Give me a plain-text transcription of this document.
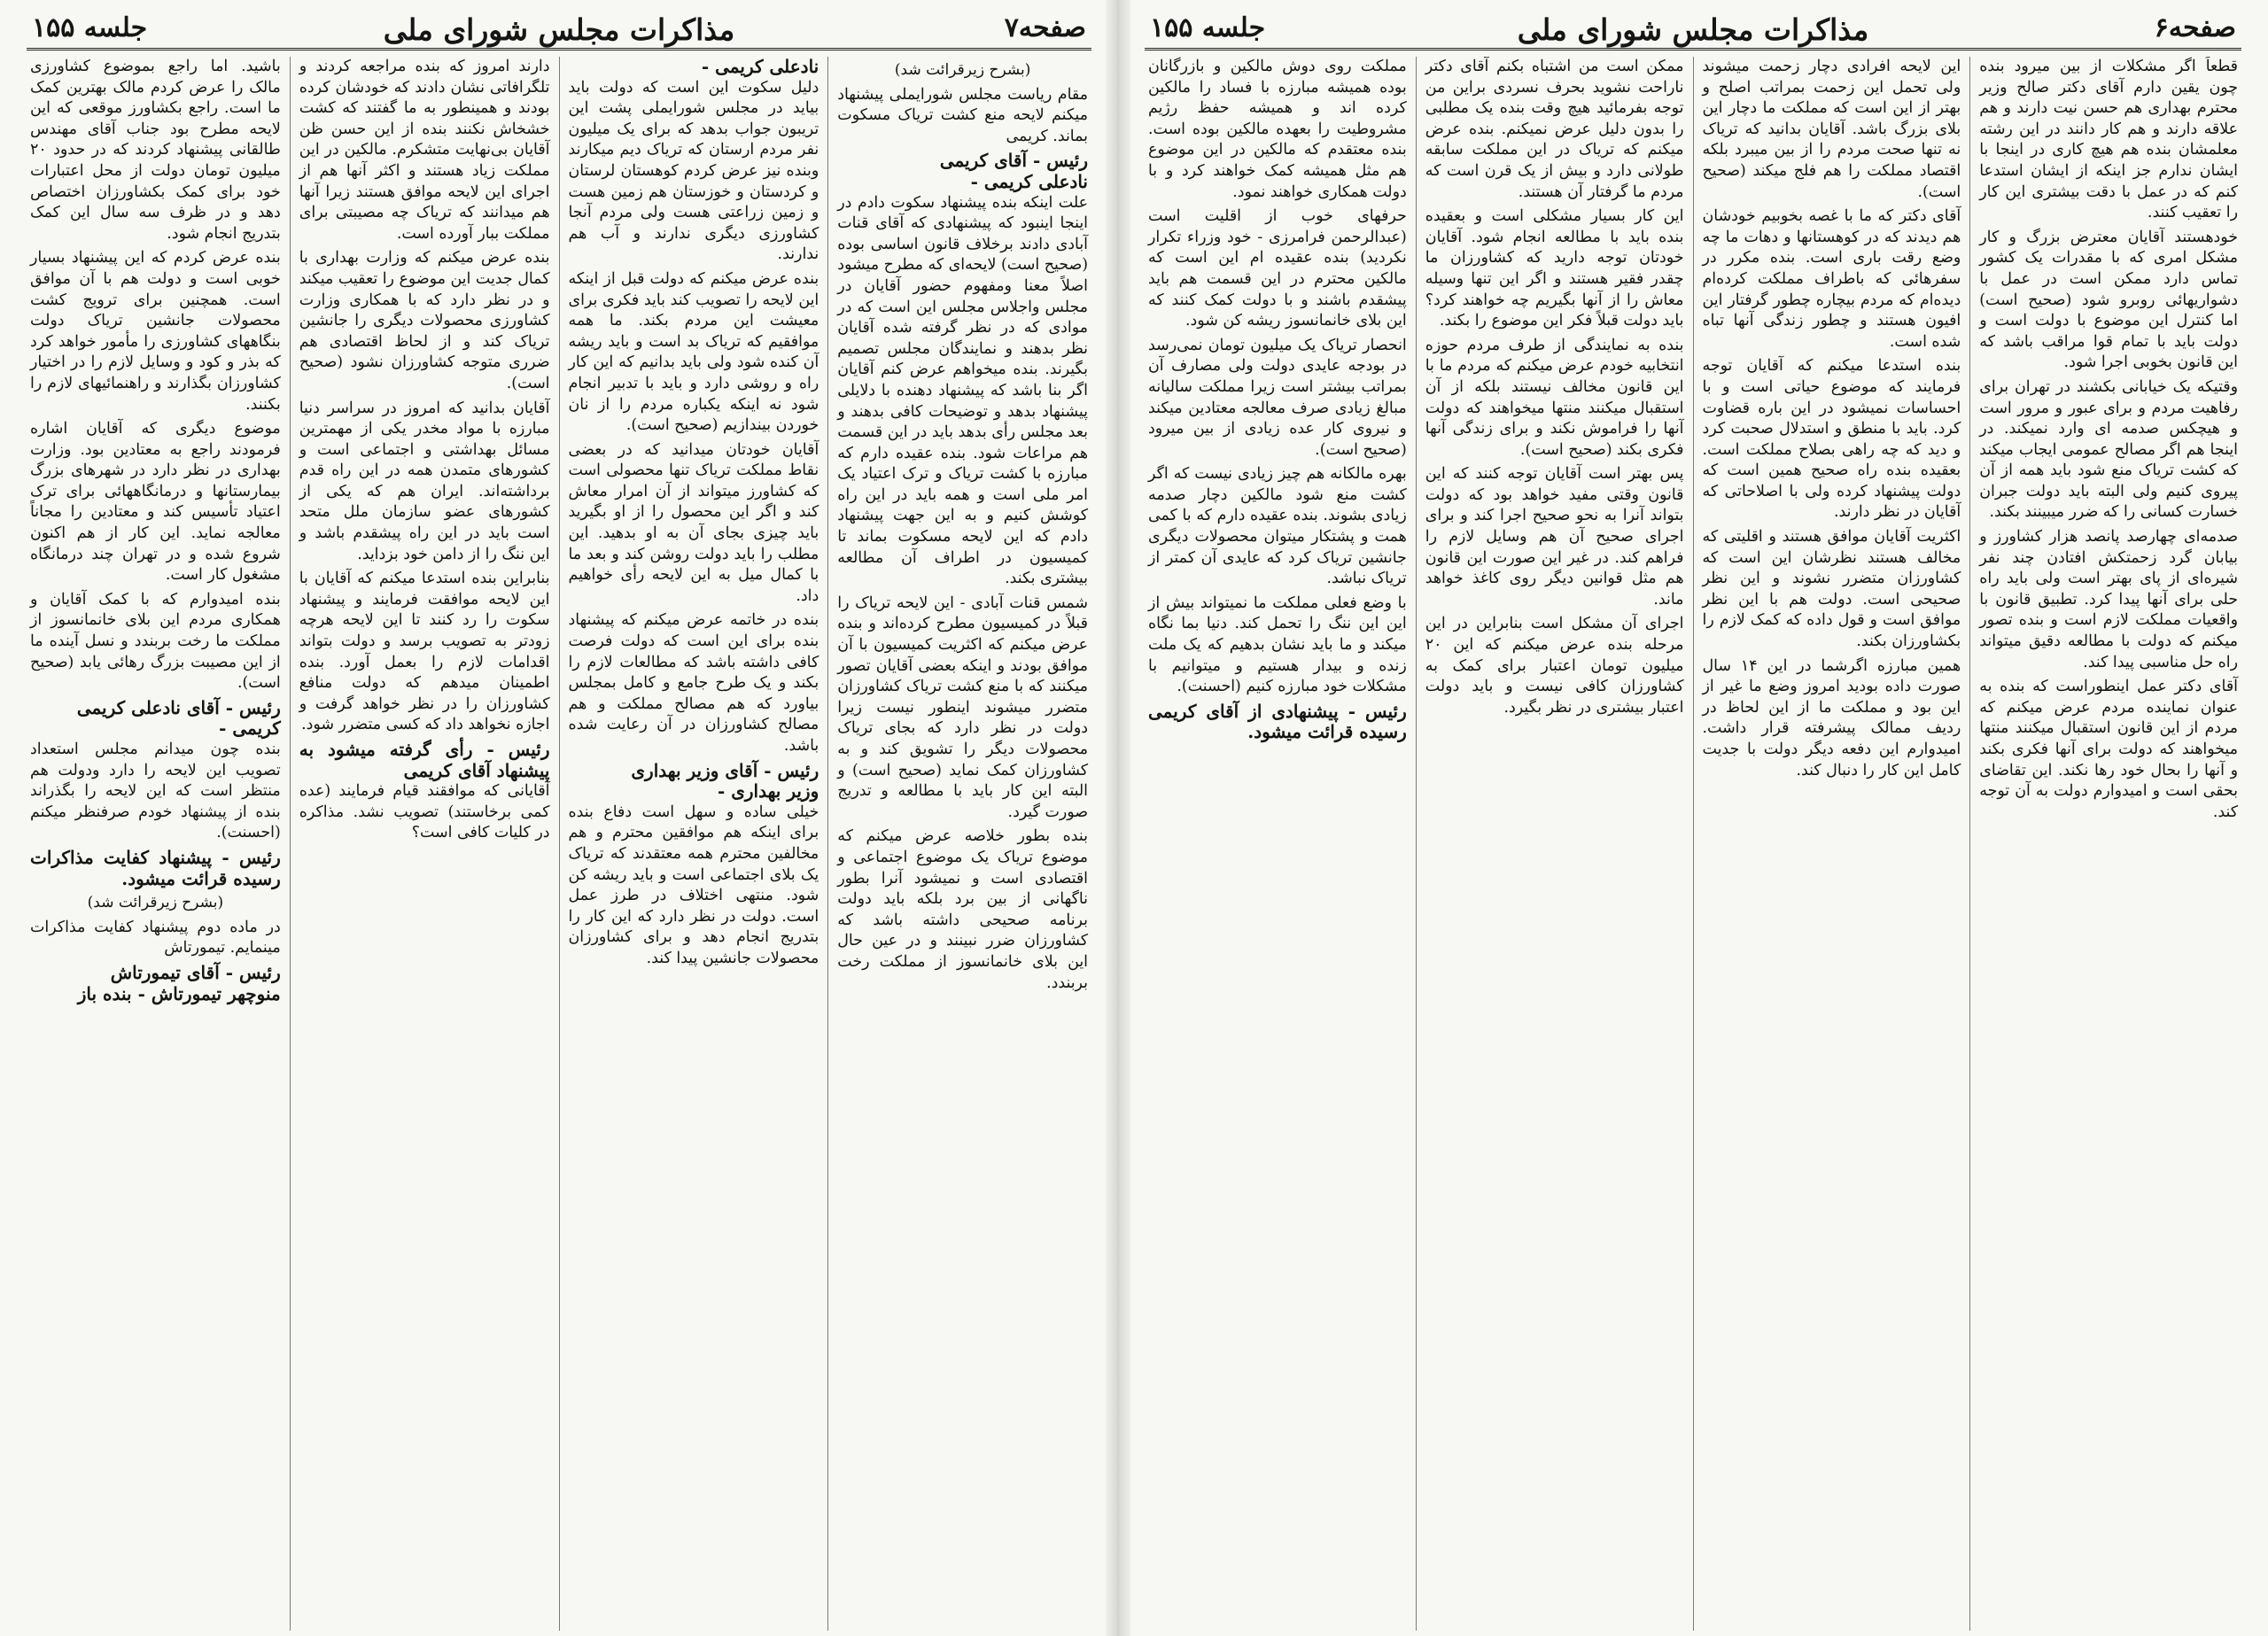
صفحه۶
مذاکرات مجلس شورای ملی
جلسه ۱۵۵

قطعاً اگر مشکلات از بین میرود بنده چون یقین دارم آقای دکتر صالح وزیر محترم بهداری هم حسن نیت دارند و هم علاقه دارند و هم کار دانند در این رشته معلمشان بنده هم هیچ کاری در اینجا با ایشان ندارم جز اینکه از ایشان استدعا کنم که در عمل با دقت بیشتری این کار را تعقیب کنند.

خودهستند آقایان معترض بزرگ و کار مشکل امری که با مقدرات یک کشور تماس دارد ممکن است در عمل با دشواریهائی روبرو شود (صحیح است) اما کنترل این موضوع با دولت است و دولت باید با تمام قوا مراقب باشد که این قانون بخوبی اجرا شود.

وقتیکه یک خیابانی بکشند در تهران برای رفاهیت مردم و برای عبور و مرور است و هیچکس صدمه ای وارد نمیکند. در اینجا هم اگر مصالح عمومی ایجاب میکند که کشت تریاک منع شود باید همه از آن پیروی کنیم ولی البته باید دولت جبران خسارت کسانی را که ضرر میبینند بکند.

صدمه‌ای چهارصد پانصد هزار کشاورز و بیابان گرد زحمتکش افتادن چند نفر شیره‌ای از پای بهتر است ولی باید راه حلی برای آنها پیدا کرد. تطبیق قانون با واقعیات مملکت لازم است و بنده تصور میکنم که دولت با مطالعه دقیق میتواند راه حل مناسبی پیدا کند.

آقای دکتر عمل اینطوراست که بنده به عنوان نماینده مردم عرض میکنم که مردم از این قانون استقبال میکنند منتها میخواهند که دولت برای آنها فکری بکند و آنها را بحال خود رها نکند. این تقاضای بحقی است و امیدوارم دولت به آن توجه کند.

این لایحه افرادی دچار زحمت میشوند ولی تحمل این زحمت بمراتب اصلح و بهتر از این است که مملکت ما دچار این بلای بزرگ باشد. آقایان بدانید که تریاک نه تنها صحت مردم را از بین میبرد بلکه اقتصاد مملکت را هم فلج میکند (صحیح است).

آقای دکتر که ما با غصه بخوبیم خودشان هم دیدند که در کوهستانها و دهات ما چه وضع رقت باری است. بنده مکرر در سفرهائی که باطراف مملکت کرده‌ام دیده‌ام که مردم بیچاره چطور گرفتار این افیون هستند و چطور زندگی آنها تباه شده است.

بنده استدعا میکنم که آقایان توجه فرمایند که موضوع حیاتی است و با احساسات نمیشود در این باره قضاوت کرد. باید با منطق و استدلال صحبت کرد و دید که چه راهی بصلاح مملکت است. بعقیده بنده راه صحیح همین است که دولت پیشنهاد کرده ولی با اصلاحاتی که آقایان در نظر دارند.

اکثریت آقایان موافق هستند و اقلیتی که مخالف هستند نظرشان این است که کشاورزان متضرر نشوند و این نظر صحیحی است. دولت هم با این نظر موافق است و قول داده که کمک لازم را بکشاورزان بکند.

همین مبارزه اگرشما در این ۱۴ سال صورت داده بودید امروز وضع ما غیر از این بود و مملکت ما از این لحاظ در ردیف ممالک پیشرفته قرار داشت. امیدوارم این دفعه دیگر دولت با جدیت کامل این کار را دنبال کند.

ممکن است من اشتباه بکنم آقای دکتر ناراحت نشوید بحرف نسردی براین من توجه بفرمائید هیچ وقت بنده یک مطلبی را بدون دلیل عرض نمیکنم. بنده عرض میکنم که تریاک در این مملکت سابقه طولانی دارد و بیش از یک قرن است که مردم ما گرفتار آن هستند.

این کار بسیار مشکلی است و بعقیده بنده باید با مطالعه انجام شود. آقایان خودتان توجه دارید که کشاورزان ما چقدر فقیر هستند و اگر این تنها وسیله معاش را از آنها بگیریم چه خواهند کرد؟ باید دولت قبلاً فکر این موضوع را بکند.

بنده به نمایندگی از طرف مردم حوزه انتخابیه خودم عرض میکنم که مردم ما با این قانون مخالف نیستند بلکه از آن استقبال میکنند منتها میخواهند که دولت آنها را فراموش نکند و برای زندگی آنها فکری بکند (صحیح است).

پس بهتر است آقایان توجه کنند که این قانون وقتی مفید خواهد بود که دولت بتواند آنرا به نحو صحیح اجرا کند و برای اجرای صحیح آن هم وسایل لازم را فراهم کند. در غیر این صورت این قانون هم مثل قوانین دیگر روی کاغذ خواهد ماند.

اجرای آن مشکل است بنابراین در این مرحله بنده عرض میکنم که این ۲۰ میلیون تومان اعتبار برای کمک به کشاورزان کافی نیست و باید دولت اعتبار بیشتری در نظر بگیرد.

مملکت روی دوش مالکین و بازرگانان بوده همیشه مبارزه با فساد را مالکین کرده اند و همیشه حفظ رژیم مشروطیت را بعهده مالکین بوده است. بنده معتقدم که مالکین در این موضوع هم مثل همیشه کمک خواهند کرد و با دولت همکاری خواهند نمود.

حرفهای خوب از اقلیت است (عبدالرحمن فرامرزی - خود وزراء تکرار نکردید) بنده عقیده ام این است که مالکین محترم در این قسمت هم باید پیشقدم باشند و با دولت کمک کنند که این بلای خانمانسوز ریشه کن شود.

انحصار تریاک یک میلیون تومان نمی‌رسد در بودجه عایدی دولت ولی مصارف آن بمراتب بیشتر است زیرا مملکت سالیانه مبالغ زیادی صرف معالجه معتادین میکند و نیروی کار عده زیادی از بین میرود (صحیح است).

بهره مالکانه هم چیز زیادی نیست که اگر کشت منع شود مالکین دچار صدمه زیادی بشوند. بنده عقیده دارم که با کمی همت و پشتکار میتوان محصولات دیگری جانشین تریاک کرد که عایدی آن کمتر از تریاک نباشد.

با وضع فعلی مملکت ما نمیتواند بیش از این این ننگ را تحمل کند. دنیا بما نگاه میکند و ما باید نشان بدهیم که یک ملت زنده و بیدار هستیم و میتوانیم با مشکلات خود مبارزه کنیم (احسنت).

رئیس - پیشنهادی از آقای کریمی رسیده قرائت میشود.
صفحه۷
مذاکرات مجلس شورای ملی
جلسه ۱۵۵
(بشرح زیرقرائت شد)

مقام ریاست مجلس شورایملی پیشنهاد میکنم لایحه منع کشت تریاک مسکوت بماند. کریمی

رئیس - آقای کریمی
نادعلی کریمی -

علت اینکه بنده پیشنهاد سکوت دادم در اینجا اینبود که پیشنهادی که آقای قنات آبادی دادند برخلاف قانون اساسی بوده (صحیح است) لایحه‌ای که مطرح میشود اصلاً معنا ومفهوم حضور آقایان در مجلس واجلاس مجلس این است که در موادی که در نظر گرفته شده آقایان نظر بدهند و نمایندگان مجلس تصمیم بگیرند. بنده میخواهم عرض کنم آقایان اگر بنا باشد که پیشنهاد دهنده با دلایلی پیشنهاد بدهد و توضیحات کافی بدهند و بعد مجلس رأی بدهد باید در این قسمت هم مراعات شود. بنده عقیده دارم که مبارزه با کشت تریاک و ترک اعتیاد یک امر ملی است و همه باید در این راه کوشش کنیم و به این جهت پیشنهاد دادم که این لایحه مسکوت بماند تا کمیسیون در اطراف آن مطالعه بیشتری بکند.

شمس قنات آبادی - این لایحه تریاک را قبلاً در کمیسیون مطرح کرده‌اند و بنده عرض میکنم که اکثریت کمیسیون با آن موافق بودند و اینکه بعضی آقایان تصور میکنند که با منع کشت تریاک کشاورزان متضرر میشوند اینطور نیست زیرا دولت در نظر دارد که بجای تریاک محصولات دیگر را تشویق کند و به کشاورزان کمک نماید (صحیح است) و البته این کار باید با مطالعه و تدریج صورت گیرد.

بنده بطور خلاصه عرض میکنم که موضوع تریاک یک موضوع اجتماعی و اقتصادی است و نمیشود آنرا بطور ناگهانی از بین برد بلکه باید دولت برنامه صحیحی داشته باشد که کشاورزان ضرر نبینند و در عین حال این بلای خانمانسوز از مملکت رخت بربندد.

نادعلی کریمی -

دلیل سکوت این است که دولت باید بیاید در مجلس شورایملی پشت این تریبون جواب بدهد که برای یک میلیون نفر مردم ارستان که تریاک دیم میکارند وبنده نیز عرض کردم کوهستان لرستان و کردستان و خوزستان هم زمین هست و زمین زراعتی هست ولی مردم آنجا کشاورزی دیگری ندارند و آب هم ندارند.

بنده عرض میکنم که دولت قبل از اینکه این لایحه را تصویب کند باید فکری برای معیشت این مردم بکند. ما همه موافقیم که تریاک بد است و باید ریشه آن کنده شود ولی باید بدانیم که این کار راه و روشی دارد و باید با تدبیر انجام شود نه اینکه یکباره مردم را از نان خوردن بیندازیم (صحیح است).

آقایان خودتان میدانید که در بعضی نقاط مملکت تریاک تنها محصولی است که کشاورز میتواند از آن امرار معاش کند و اگر این محصول را از او بگیرید باید چیزی بجای آن به او بدهید. این مطلب را باید دولت روشن کند و بعد ما با کمال میل به این لایحه رأی خواهیم داد.

بنده در خاتمه عرض میکنم که پیشنهاد بنده برای این است که دولت فرصت کافی داشته باشد که مطالعات لازم را بکند و یک طرح جامع و کامل بمجلس بیاورد که هم مصالح مملکت و هم مصالح کشاورزان در آن رعایت شده باشد.

رئیس - آقای وزیر بهداری
وزیر بهداری -

خیلی ساده و سهل است دفاع بنده برای اینکه هم موافقین محترم و هم مخالفین محترم همه معتقدند که تریاک یک بلای اجتماعی است و باید ریشه کن شود. منتهی اختلاف در طرز عمل است. دولت در نظر دارد که این کار را بتدریج انجام دهد و برای کشاورزان محصولات جانشین پیدا کند.

دارند امروز که بنده مراجعه کردند و تلگرافاتی نشان دادند که خودشان کرده بودند و همینطور به ما گفتند که کشت خشخاش نکنند بنده از این حسن ظن آقایان بی‌نهایت متشکرم. مالکین در این مملکت زیاد هستند و اکثر آنها هم از اجرای این لایحه موافق هستند زیرا آنها هم میدانند که تریاک چه مصیبتی برای مملکت ببار آورده است.

بنده عرض میکنم که وزارت بهداری با کمال جدیت این موضوع را تعقیب میکند و در نظر دارد که با همکاری وزارت کشاورزی محصولات دیگری را جانشین تریاک کند و از لحاظ اقتصادی هم ضرری متوجه کشاورزان نشود (صحیح است).

آقایان بدانید که امروز در سراسر دنیا مبارزه با مواد مخدر یکی از مهمترین مسائل بهداشتی و اجتماعی است و کشورهای متمدن همه در این راه قدم برداشته‌اند. ایران هم که یکی از کشورهای عضو سازمان ملل متحد است باید در این راه پیشقدم باشد و این ننگ را از دامن خود بزداید.

بنابراین بنده استدعا میکنم که آقایان با این لایحه موافقت فرمایند و پیشنهاد سکوت را رد کنند تا این لایحه هرچه زودتر به تصویب برسد و دولت بتواند اقدامات لازم را بعمل آورد. بنده اطمینان میدهم که دولت منافع کشاورزان را در نظر خواهد گرفت و اجازه نخواهد داد که کسی متضرر شود.

رئیس - رأی گرفته میشود به پیشنهاد آقای کریمی

آقایانی که موافقند قیام فرمایند (عده کمی برخاستند) تصویب نشد. مذاکره در کلیات کافی است؟

باشید. اما راجع بموضوع کشاورزی مالک را عرض کردم مالک بهترین کمک ما است. راجع بکشاورز موقعی که این لایحه مطرح بود جناب آقای مهندس طالقانی پیشنهاد کردند که در حدود ۲۰ میلیون تومان دولت از محل اعتبارات خود برای کمک بکشاورزان اختصاص دهد و در ظرف سه سال این کمک بتدریج انجام شود.

بنده عرض کردم که این پیشنهاد بسیار خوبی است و دولت هم با آن موافق است. همچنین برای ترویج کشت محصولات جانشین تریاک دولت بنگاههای کشاورزی را مأمور خواهد کرد که بذر و کود و وسایل لازم را در اختیار کشاورزان بگذارند و راهنمائیهای لازم را بکنند.

موضوع دیگری که آقایان اشاره فرمودند راجع به معتادین بود. وزارت بهداری در نظر دارد در شهرهای بزرگ بیمارستانها و درمانگاههائی برای ترک اعتیاد تأسیس کند و معتادین را مجاناً معالجه نماید. این کار از هم اکنون شروع شده و در تهران چند درمانگاه مشغول کار است.

بنده امیدوارم که با کمک آقایان و همکاری مردم این بلای خانمانسوز از مملکت ما رخت بربندد و نسل آینده ما از این مصیبت بزرگ رهائی یابد (صحیح است).

رئیس - آقای نادعلی کریمی
کریمی -

بنده چون میدانم مجلس استعداد تصویب این لایحه را دارد ودولت هم منتظر است که این لایحه را بگذراند بنده از پیشنهاد خودم صرفنظر میکنم (احسنت).

رئیس - پیشنهاد کفایت مذاکرات رسیده قرائت میشود.
(بشرح زیرقرائت شد)

در ماده دوم پیشنهاد کفایت مذاکرات مینمایم. تیمورتاش

رئیس - آقای تیمورتاش
منوچهر تیمورتاش - بنده باز
